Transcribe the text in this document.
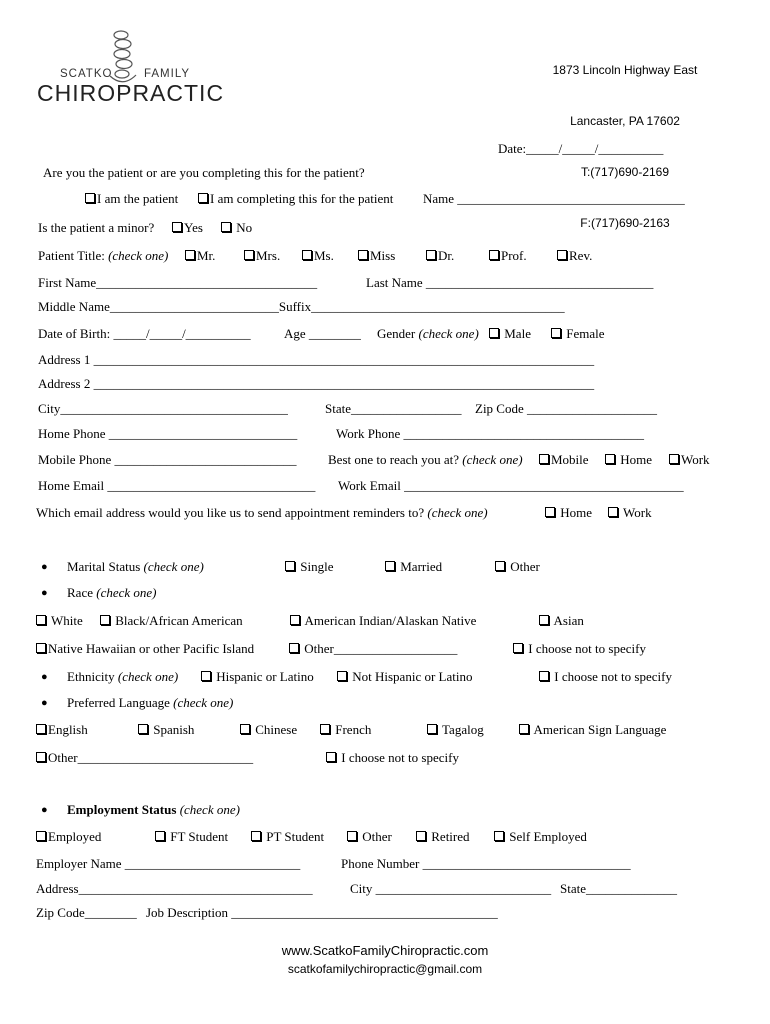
SCATKO	FAMILY
CHIROPRACTIC

1873 Lincoln Highway East

Lancaster, PA 17602

T:(717)690-2169

F:(717)690-2163

Date:_____/_____/__________
Are you the patient or are you completing this for the patient?
I am the patient	I am completing this for the patient Name ___________________________________
Is the patient a minor?	Yes	No
Patient Title: (check one)	Mr.	Mrs.	Ms.	Miss	Dr.	Prof.	Rev.
First Name__________________________________	Last Name ___________________________________
Middle Name__________________________Suffix_______________________________________
Date of Birth: _____/_____/__________	Age ________ Gender (check one)	Male	Female
Address 1 _____________________________________________________________________________
Address 2 _____________________________________________________________________________
City___________________________________	State_________________ Zip Code ____________________
Home Phone _____________________________	Work Phone _____________________________________
Mobile Phone ____________________________ Best one to reach you at? (check one)	Mobile	Home	Work
Home Email ________________________________ Work Email ___________________________________________
Which email address would you like us to send appointment reminders to? (check one)	Home	Work
● Marital Status (check one)	Single	Married	Other
● Race (check one)
White	Black/African American	American Indian/Alaskan Native	Asian
Native Hawaiian or other Pacific Island	Other___________________	I choose not to specify
● Ethnicity (check one)	Hispanic or Latino	Not Hispanic or Latino	I choose not to specify
● Preferred Language (check one)
English	Spanish	Chinese	French	Tagalog	American Sign Language
Other___________________________	I choose not to specify
● Employment Status (check one)
Employed	FT Student	PT Student	Other	Retired	Self Employed
Employer Name ___________________________	Phone Number ________________________________
Address____________________________________	City ___________________________ State______________
Zip Code________ Job Description _________________________________________
www.ScatkoFamilyChiropractic.com
scatkofamilychiropractic@gmail.com
